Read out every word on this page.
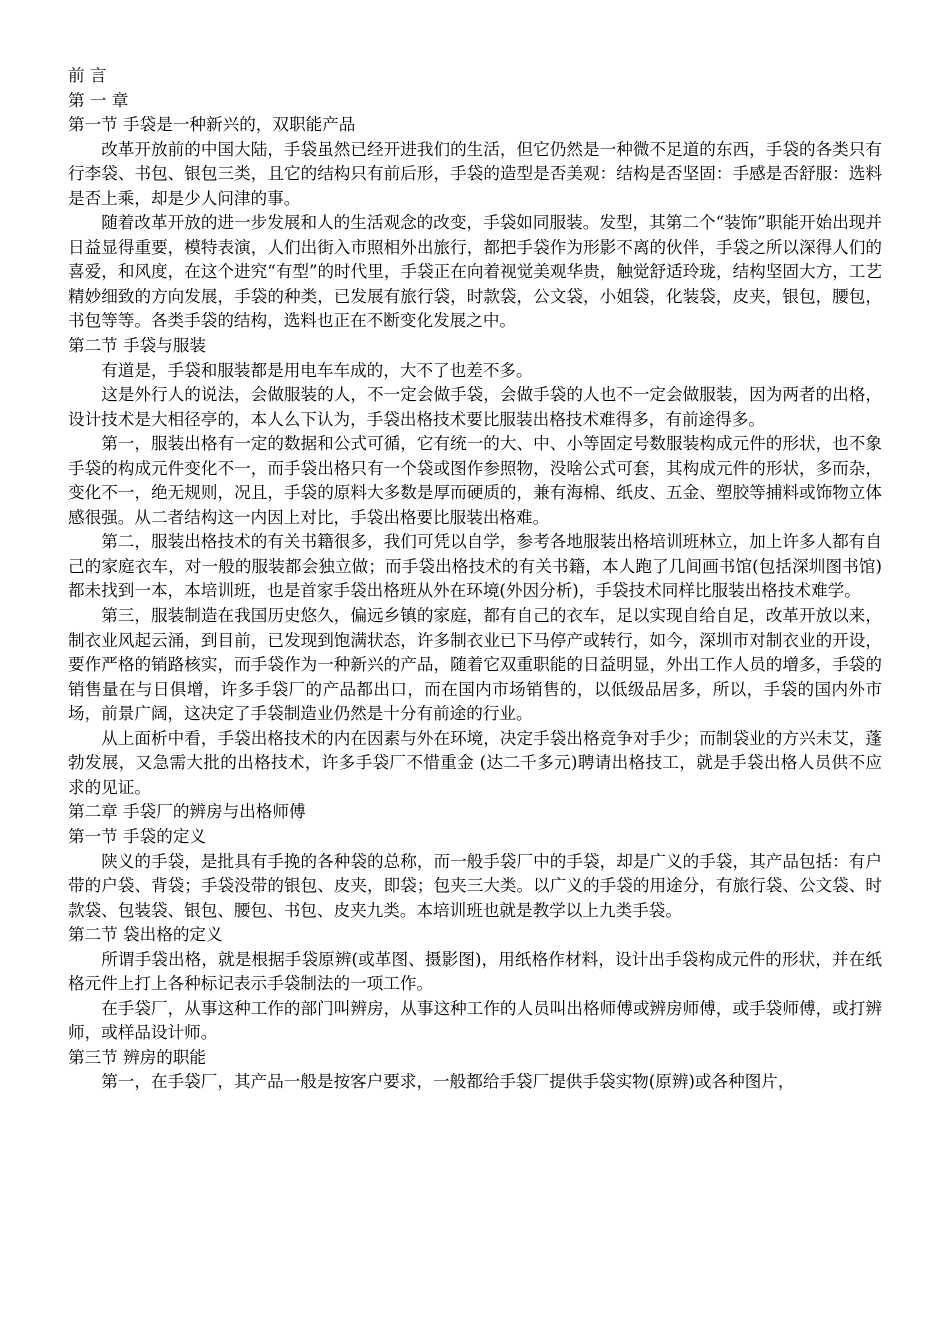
前 言

第 一 章

第一节 手袋是一种新兴的，双职能产品

改革开放前的中国大陆，手袋虽然已经开进我们的生活，但它仍然是一种微不足道的东西，手袋的各类只有行李袋、书包、银包三类，且它的结构只有前后形，手袋的造型是否美观：结构是否坚固：手感是否舒服：选料是否上乘，却是少人问津的事。

随着改革开放的进一步发展和人的生活观念的改变，手袋如同服装。发型，其第二个“装饰”职能开始出现并日益显得重要，模特表演，人们出街入市照相外出旅行，都把手袋作为形影不离的伙伴，手袋之所以深得人们的喜爱，和风度，在这个进究“有型”的时代里，手袋正在向着视觉美观华贵，触觉舒适玲珑，结构坚固大方，工艺精妙细致的方向发展，手袋的种类，已发展有旅行袋，时款袋，公文袋，小姐袋，化装袋，皮夹，银包，腰包，书包等等。各类手袋的结构，选料也正在不断变化发展之中。

第二节 手袋与服装

有道是，手袋和服装都是用电车车成的，大不了也差不多。

这是外行人的说法，会做服装的人，不一定会做手袋，会做手袋的人也不一定会做服装，因为两者的出格，设计技术是大相径亭的，本人么下认为，手袋出格技术要比服装出格技术难得多，有前途得多。

第一，服装出格有一定的数据和公式可循，它有统一的大、中、小等固定号数服装构成元件的形状，也不象手袋的构成元件变化不一，而手袋出格只有一个袋或图作参照物，没啥公式可套，其构成元件的形状，多而杂，变化不一，绝无规则，况且，手袋的原料大多数是厚而硬质的，兼有海棉、纸皮、五金、塑胶等捕料或饰物立体感很强。从二者结构这一内因上对比，手袋出格要比服装出格难。

第二，服装出格技术的有关书籍很多，我们可凭以自学，参考各地服装出格培训班林立，加上许多人都有自己的家庭衣车，对一般的服装都会独立做；而手袋出格技术的有关书籍，本人跑了几间画书馆(包括深圳图书馆)都未找到一本，本培训班，也是首家手袋出格班从外在环境(外因分析)，手袋技术同样比服装出格技术难学。

第三，服装制造在我国历史悠久，偏远乡镇的家庭，都有自己的衣车，足以实现自给自足，改革开放以来，制衣业风起云涌，到目前，已发现到饱满状态，许多制衣业已下马停产或转行，如今，深圳市对制衣业的开设，要作严格的销路核实，而手袋作为一种新兴的产品，随着它双重职能的日益明显，外出工作人员的增多，手袋的销售量在与日俱增，许多手袋厂的产品都出口，而在国内市场销售的，以低级品居多，所以，手袋的国内外市场，前景广阔，这决定了手袋制造业仍然是十分有前途的行业。

从上面析中看，手袋出格技术的内在因素与外在环境，决定手袋出格竞争对手少；而制袋业的方兴未艾，蓬勃发展，又急需大批的出格技术，许多手袋厂不惜重金 (达二千多元)聘请出格技工，就是手袋出格人员供不应求的见证。

第二章 手袋厂的辨房与出格师傅

第一节 手袋的定义

陕义的手袋，是批具有手挽的各种袋的总称，而一般手袋厂中的手袋，却是广义的手袋，其产品包括：有户带的户袋、背袋；手袋没带的银包、皮夹，即袋；包夹三大类。以广义的手袋的用途分，有旅行袋、公文袋、时款袋、包装袋、银包、腰包、书包、皮夹九类。本培训班也就是教学以上九类手袋。

第二节 袋出格的定义

所谓手袋出格，就是根据手袋原辨(或革图、摄影图)，用纸格作材料，设计出手袋构成元件的形状，并在纸格元件上打上各种标记表示手袋制法的一项工作。

在手袋厂，从事这种工作的部门叫辨房，从事这种工作的人员叫出格师傅或辨房师傅，或手袋师傅，或打辨师，或样品设计师。

第三节 辨房的职能

第一，在手袋厂，其产品一般是按客户要求，一般都给手袋厂提供手袋实物(原辨)或各种图片，
